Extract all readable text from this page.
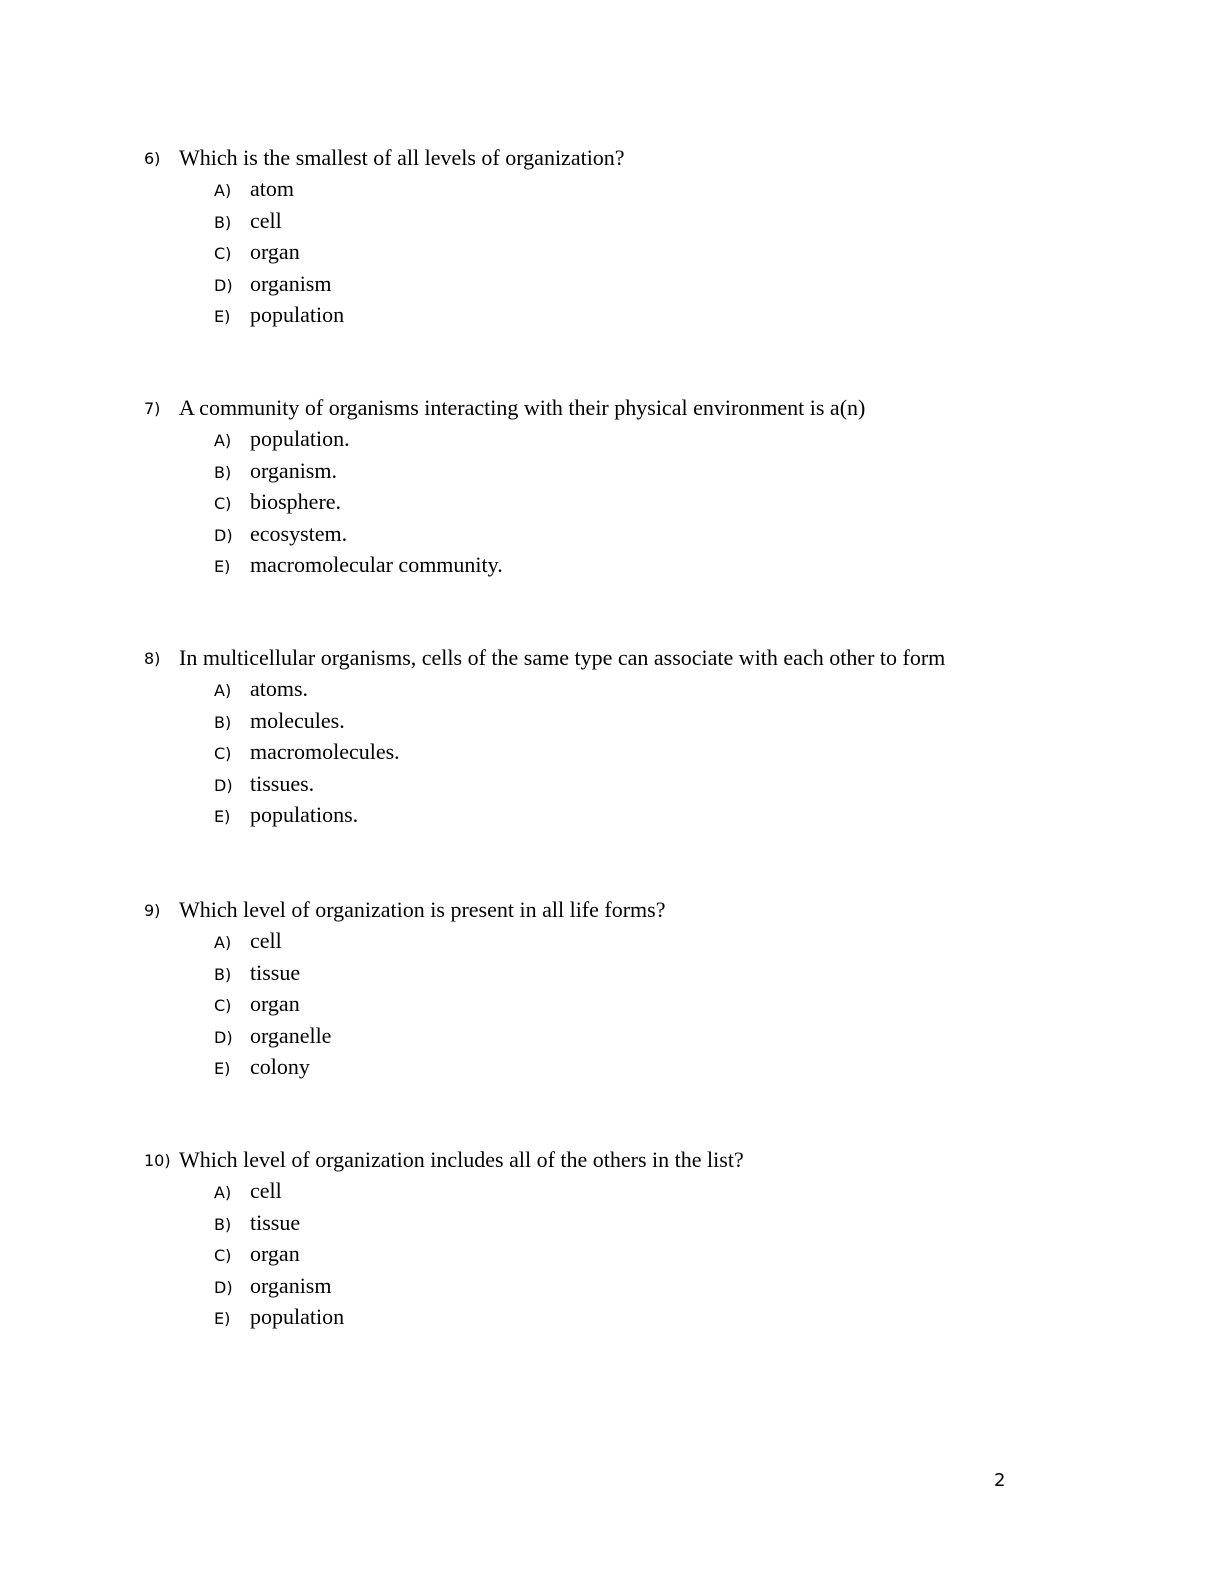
6) Which is the smallest of all levels of organization?
A) atom
B) cell
C) organ
D) organism
E) population
7) A community of organisms interacting with their physical environment is a(n)
A) population.
B) organism.
C) biosphere.
D) ecosystem.
E) macromolecular community.
8) In multicellular organisms, cells of the same type can associate with each other to form
A) atoms.
B) molecules.
C) macromolecules.
D) tissues.
E) populations.
9) Which level of organization is present in all life forms?
A) cell
B) tissue
C) organ
D) organelle
E) colony
10) Which level of organization includes all of the others in the list?
A) cell
B) tissue
C) organ
D) organism
E) population
2
